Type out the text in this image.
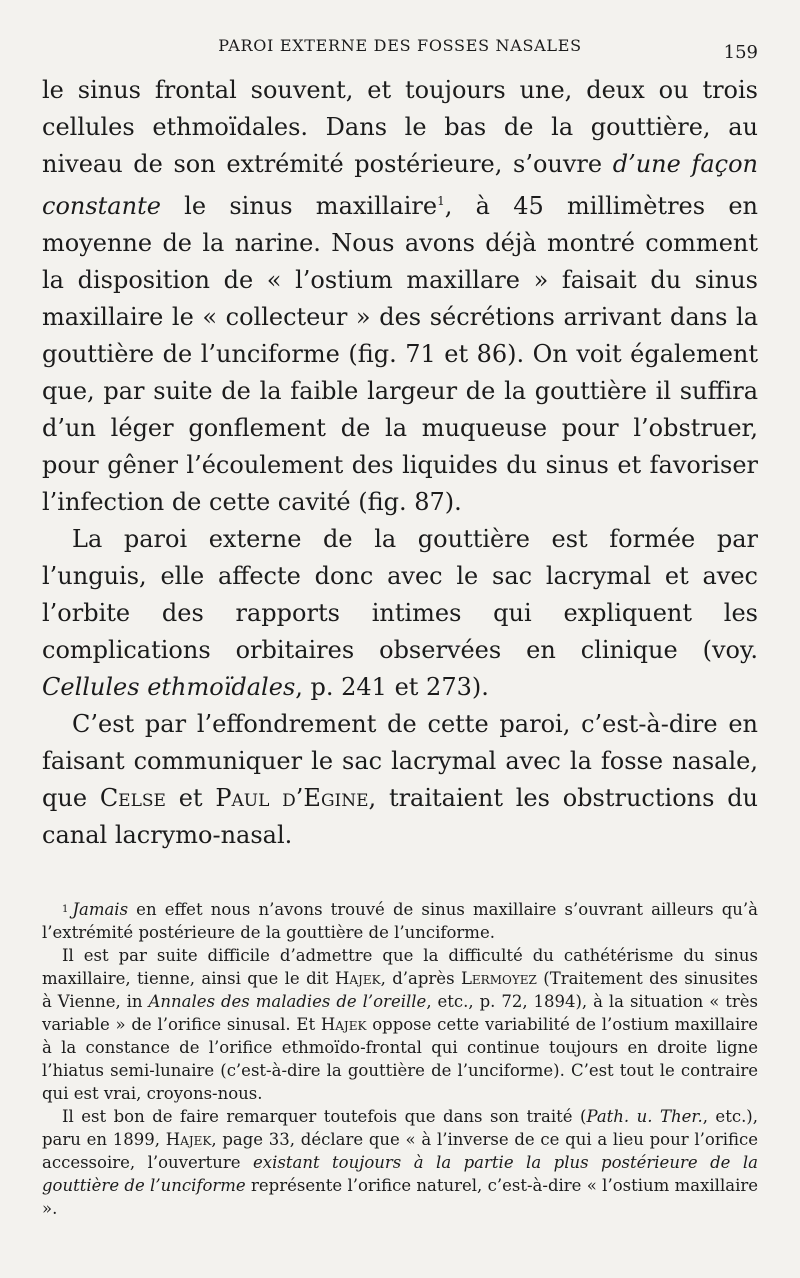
PAROI EXTERNE DES FOSSES NASALES	159

le sinus frontal souvent, et toujours une, deux ou trois cellules ethmoïdales. Dans le bas de la gouttière, au niveau de son extrémité postérieure, s’ouvre d’une façon constante le sinus maxillaire$^1$, à 45 millimètres en moyenne de la narine. Nous avons déjà montré comment la disposition de « l’ostium maxillare » faisait du sinus maxillaire le « collecteur » des sécrétions arrivant dans la gouttière de l’unciforme (fig. 71 et 86). On voit également que, par suite de la faible largeur de la gouttière il suffira d’un léger gonflement de la muqueuse pour l’obstruer, pour gêner l’écoulement des liquides du sinus et favoriser l’infection de cette cavité (fig. 87).

La paroi externe de la gouttière est formée par l’unguis, elle affecte donc avec le sac lacrymal et avec l’orbite des rapports intimes qui expliquent les complications orbitaires observées en clinique (voy. Cellules ethmoïdales, p. 241 et 273).

C’est par l’effondrement de cette paroi, c’est-à-dire en faisant communiquer le sac lacrymal avec la fosse nasale, que Celse et Paul d’Egine, traitaient les obstructions du canal lacrymo-nasal.

$^1$ Jamais en effet nous n’avons trouvé de sinus maxillaire s’ouvrant ailleurs qu’à l’extrémité postérieure de la gouttière de l’unciforme.

Il est par suite difficile d’admettre que la difficulté du cathétérisme du sinus maxillaire, tienne, ainsi que le dit Hajek, d’après Lermoyez (Traitement des sinusites à Vienne, in Annales des maladies de l’oreille, etc., p. 72, 1894), à la situation « très variable » de l’orifice sinusal. Et Hajek oppose cette variabilité de l’ostium maxillaire à la constance de l’orifice ethmoïdo-frontal qui continue toujours en droite ligne l’hiatus semi-lunaire (c’est-à-dire la gouttière de l’unciforme). C’est tout le contraire qui est vrai, croyons-nous.

Il est bon de faire remarquer toutefois que dans son traité (Path. u. Ther., etc.), paru en 1899, Hajek, page 33, déclare que « à l’inverse de ce qui a lieu pour l’orifice accessoire, l’ouverture existant toujours à la partie la plus postérieure de la gouttière de l’unciforme représente l’orifice naturel, c’est-à-dire « l’ostium maxillaire ».
